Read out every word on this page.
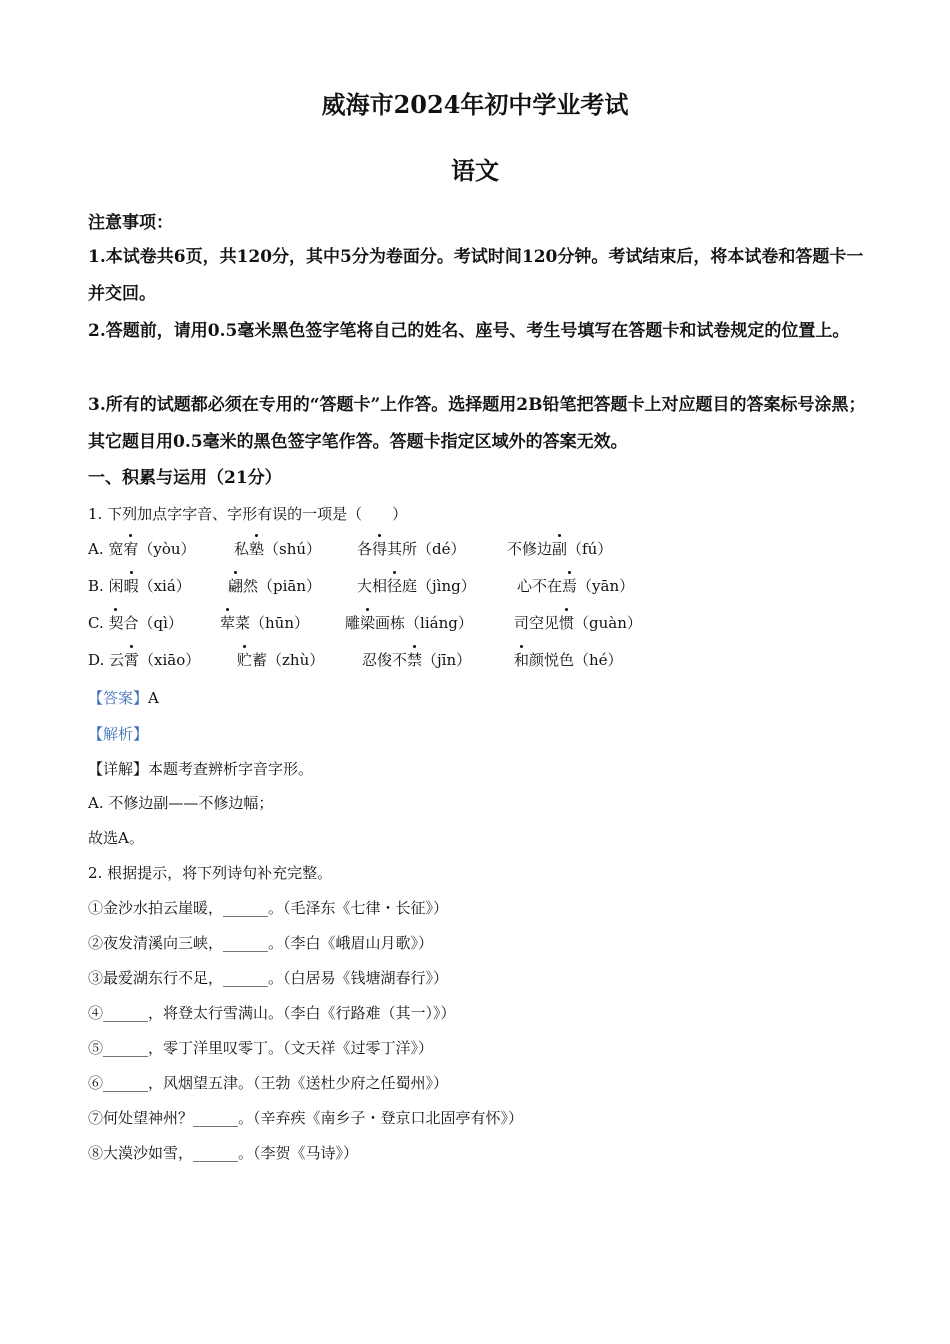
威海市2024年初中学业考试
语文
注意事项：
1.本试卷共6页，共120分，其中5分为卷面分。考试时间120分钟。考试结束后，将本试卷和答题卡一并交回。
2.答题前，请用0.5毫米黑色签字笔将自己的姓名、座号、考生号填写在答题卡和试卷规定的位置上。
3.所有的试题都必须在专用的“答题卡”上作答。选择题用2B铅笔把答题卡上对应题目的答案标号涂黑；其它题目用0.5毫米的黑色签字笔作答。答题卡指定区域外的答案无效。
一、积累与运用（21分）
1. 下列加点字字音、字形有误的一项是（　　）
A. 宽宥（yòu）	私塾（shú） 各得其所（dé）	不修边副（fú）
B. 闲暇（xiá） 翩然（piān） 大相径庭（jìng）	心不在焉（yān）
C. 契合（qì） 荤菜（hūn） 雕梁画栋（liáng）	司空见惯（guàn）
D. 云霄（xiāo） 贮蓄（zhù）	忍俊不禁（jīn）	和颜悦色（hé）
【答案】A
【解析】
【详解】本题考查辨析字音字形。
A. 不修边副——不修边幅；
故选A。
2. 根据提示，将下列诗句补充完整。
①金沙水拍云崖暖，______。（毛泽东《七律・长征》）
②夜发清溪向三峡，______。（李白《峨眉山月歌》）
③最爱湖东行不足，______。（白居易《钱塘湖春行》）
④______，将登太行雪满山。（李白《行路难（其一）》）
⑤______，零丁洋里叹零丁。（文天祥《过零丁洋》）
⑥______，风烟望五津。（王勃《送杜少府之任蜀州》）
⑦何处望神州？______。（辛弃疾《南乡子・登京口北固亭有怀》）
⑧大漠沙如雪，______。（李贺《马诗》）
